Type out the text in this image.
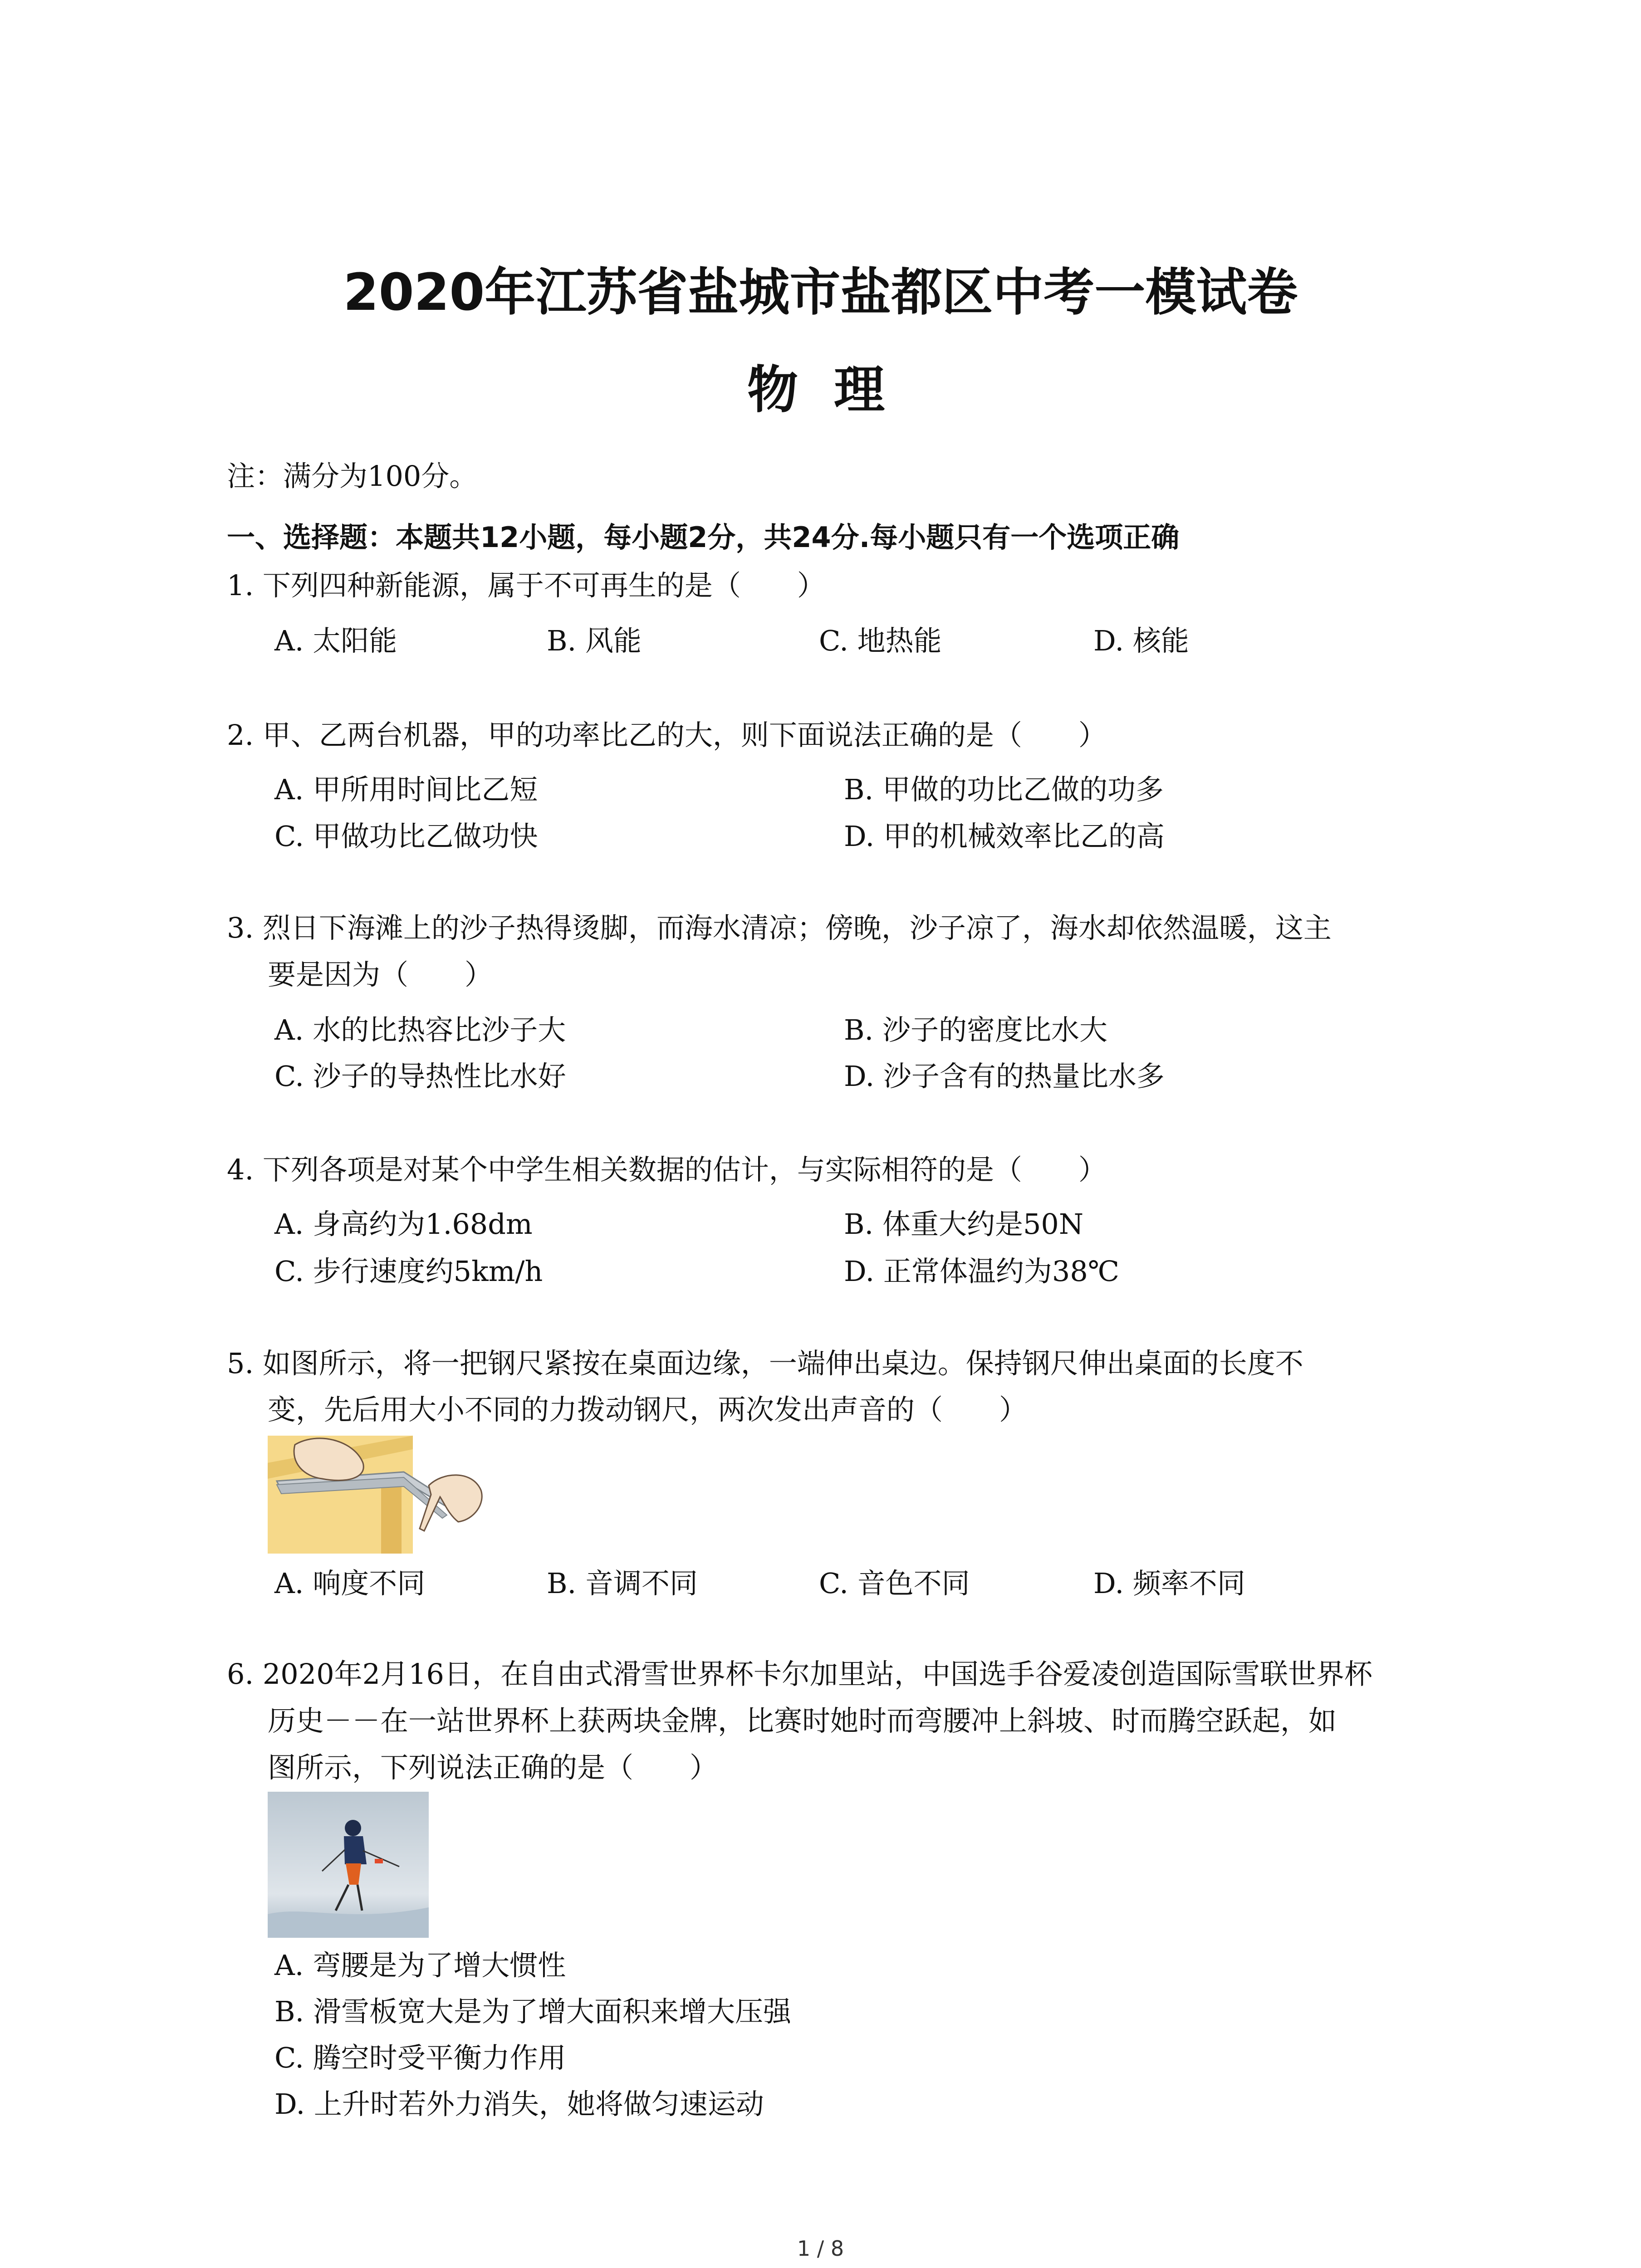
2020年江苏省盐城市盐都区中考一模试卷
物 理
注：满分为100分。
一、选择题：本题共12小题，每小题2分，共24分.每小题只有一个选项正确
1. 下列四种新能源，属于不可再生的是（　　）
A. 太阳能	B. 风能	C. 地热能	D. 核能
2. 甲、乙两台机器，甲的功率比乙的大，则下面说法正确的是（　　）
A. 甲所用时间比乙短	B. 甲做的功比乙做的功多
C. 甲做功比乙做功快	D. 甲的机械效率比乙的高
3. 烈日下海滩上的沙子热得烫脚，而海水清凉；傍晚，沙子凉了，海水却依然温暖，这主
要是因为（　　）
A. 水的比热容比沙子大	B. 沙子的密度比水大
C. 沙子的导热性比水好	D. 沙子含有的热量比水多
4. 下列各项是对某个中学生相关数据的估计，与实际相符的是（　　）
A. 身高约为1.68dm	B. 体重大约是50N
C. 步行速度约5km/h	D. 正常体温约为38℃
5. 如图所示，将一把钢尺紧按在桌面边缘，一端伸出桌边。保持钢尺伸出桌面的长度不
变，先后用大小不同的力拨动钢尺，两次发出声音的（　　）
A. 响度不同	B. 音调不同	C. 音色不同	D. 频率不同
6. 2020年2月16日，在自由式滑雪世界杯卡尔加里站，中国选手谷爱凌创造国际雪联世界杯
历史－－在一站世界杯上获两块金牌，比赛时她时而弯腰冲上斜坡、时而腾空跃起，如
图所示，下列说法正确的是（　　）
A. 弯腰是为了增大惯性
B. 滑雪板宽大是为了增大面积来增大压强
C. 腾空时受平衡力作用
D. 上升时若外力消失，她将做匀速运动
1 / 8
